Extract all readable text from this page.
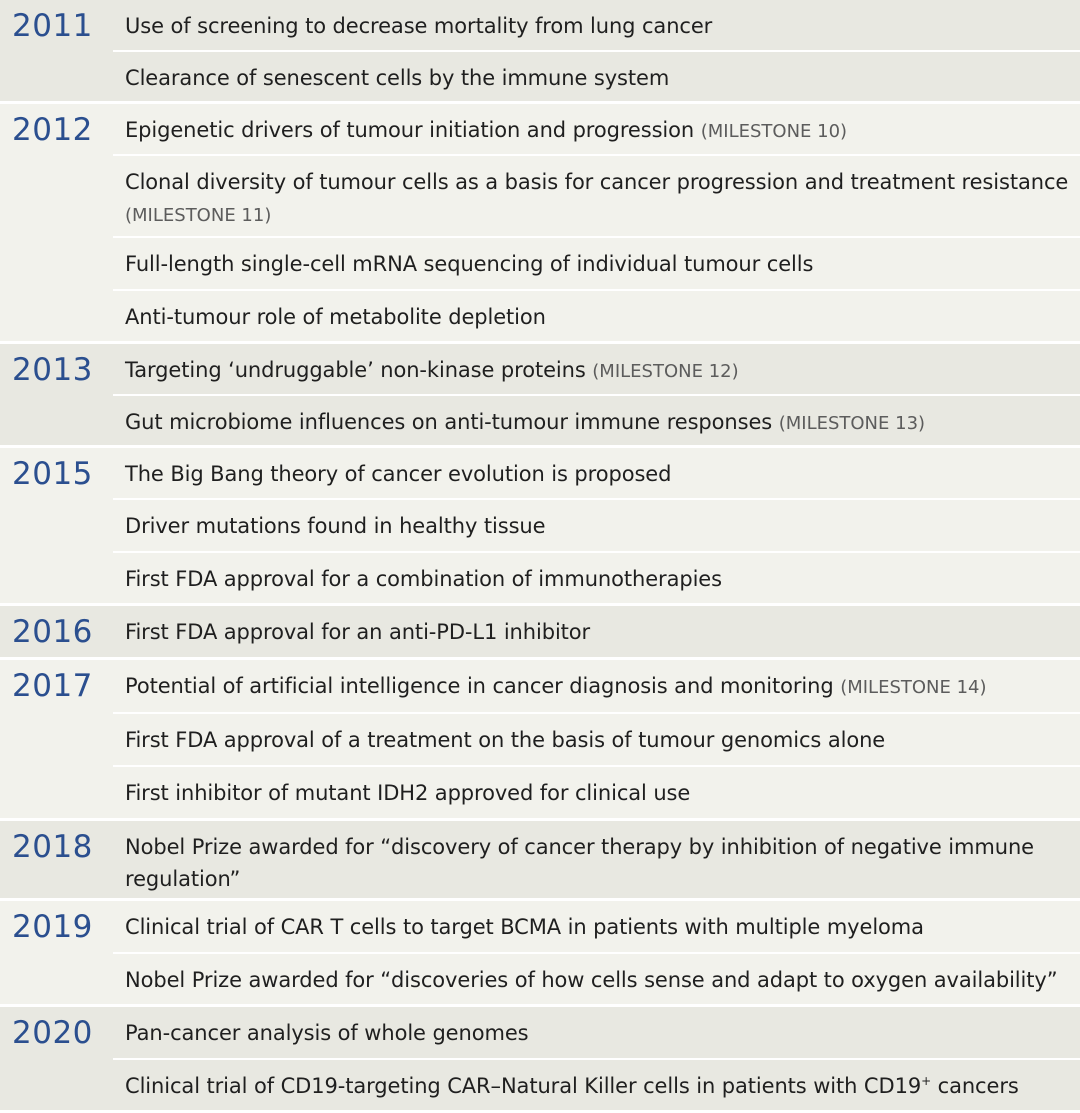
2011 Use of screening to decrease mortality from lung cancer
Clearance of senescent cells by the immune system
2012 Epigenetic drivers of tumour initiation and progression (MILESTONE 10)
Clonal diversity of tumour cells as a basis for cancer progression and treatment resistance (MILESTONE 11)
Full-length single-cell mRNA sequencing of individual tumour cells
Anti-tumour role of metabolite depletion
2013 Targeting ‘undruggable’ non-kinase proteins (MILESTONE 12)
Gut microbiome influences on anti-tumour immune responses (MILESTONE 13)
2015 The Big Bang theory of cancer evolution is proposed
Driver mutations found in healthy tissue
First FDA approval for a combination of immunotherapies
2016 First FDA approval for an anti-PD-L1 inhibitor
2017 Potential of artificial intelligence in cancer diagnosis and monitoring (MILESTONE 14)
First FDA approval of a treatment on the basis of tumour genomics alone
First inhibitor of mutant IDH2 approved for clinical use
2018 Nobel Prize awarded for “discovery of cancer therapy by inhibition of negative immune regulation”
2019 Clinical trial of CAR T cells to target BCMA in patients with multiple myeloma
Nobel Prize awarded for “discoveries of how cells sense and adapt to oxygen availability”
2020 Pan-cancer analysis of whole genomes
Clinical trial of CD19-targeting CAR–Natural Killer cells in patients with CD19+ cancers
